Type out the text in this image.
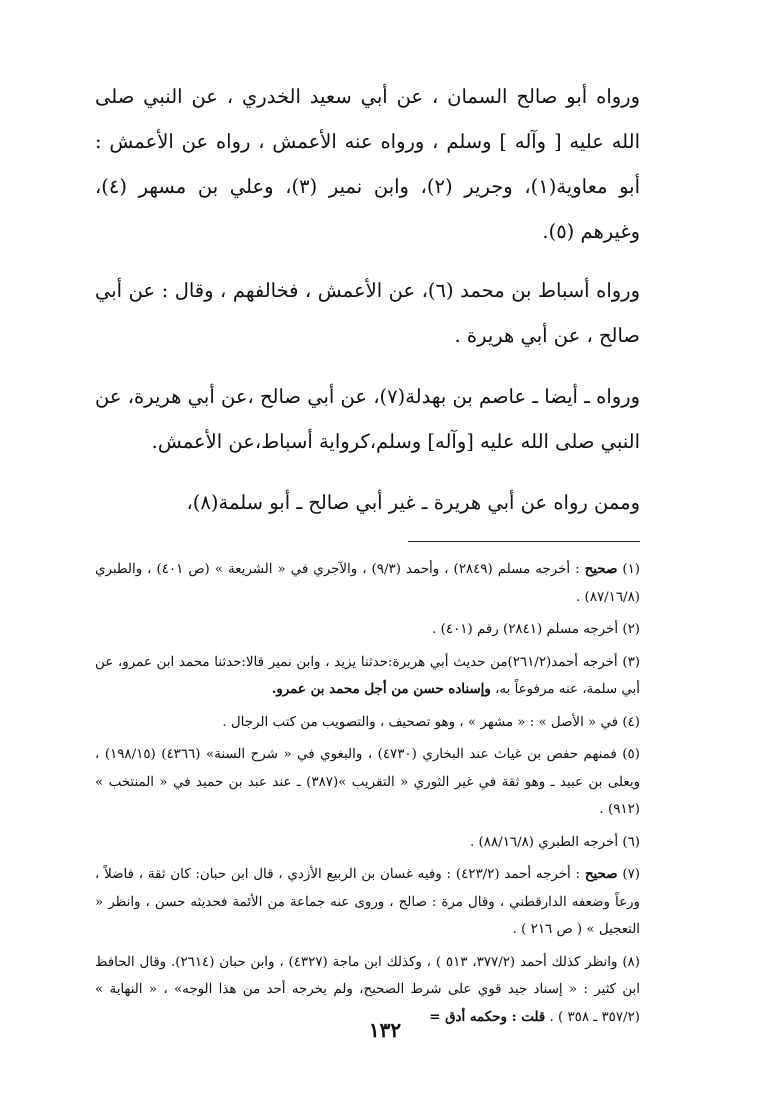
ورواه أبو صالح السمان ، عن أبي سعيد الخدري ، عن النبي صلى الله عليه [ وآله ] وسلم ، ورواه عنه الأعمش ، رواه عن الأعمش : أبو معاوية(١)، وجرير (٢)، وابن نمير (٣)، وعلي بن مسهر (٤)، وغيرهم (٥).

ورواه أسباط بن محمد (٦)، عن الأعمش ، فخالفهم ، وقال : عن أبي صالح ، عن أبي هريرة .

ورواه ـ أيضا ـ عاصم بن بهدلة(٧)، عن أبي صالح ،عن أبي هريرة، عن النبي صلى الله عليه [وآله] وسلم،كرواية أسباط،عن الأعمش.

وممن رواه عن أبي هريرة ـ غير أبي صالح ـ أبو سلمة(٨)،

(١) صحيح : أخرجه مسلم (٢٨٤٩) ، وأحمد (٩/٣) ، والآجري في « الشريعة » (ص ٤٠١) ، والطبري (٨٧/١٦/٨) .

(٢) أخرجه مسلم (٢٨٤١) رقم (٤٠١) .

(٣) أخرجه أحمد(٢٦١/٢)من حديث أبي هريرة:حدثنا يزيد ، وابن نمير قالا:حدثنا محمد ابن عمرو، عن أبي سلمة، عنه مرفوعاً به، وإسناده حسن من أجل محمد بن عمرو.

(٤) في « الأصل » : « مشهر » ، وهو تصحيف ، والتصويب من كتب الرجال .

(٥) فمنهم حفص بن غياث عند البخاري (٤٧٣٠) ، والبغوي في « شرح السنة» (٤٣٦٦) (١٩٨/١٥) ، ويعلى بن عبيد ـ وهو ثقة في غير الثوري « التقريب »(٣٨٧) ـ عند عبد بن حميد في « المنتخب » (٩١٢) .

(٦) أخرجه الطبري (٨٨/١٦/٨) .

(٧) صحيح : أخرجه أحمد (٤٢٣/٢) : وفيه غسان بن الربيع الأزدي ، قال ابن حبان: كان ثقة ، فاضلاً ، ورعاً وضعفه الدارقطني ، وقال مرة : صالح ، وروى عنه جماعة من الأئمة فحديثه حسن ، وانظر « التعجيل » ( ص ٢١٦ ) .

(٨) وانظر كذلك أحمد (٣٧٧/٢، ٥١٣ ) ، وكذلك ابن ماجة (٤٣٢٧) ، وابن حبان (٢٦١٤). وقال الحافظ ابن كثير : « إسناد جيد قوي على شرط الصحيح، ولم يخرجه أحد من هذا الوجه» ، « النهاية » (٣٥٧/٢ ـ ٣٥٨ ) . قلت : وحكمه أدق =

١٣٢
